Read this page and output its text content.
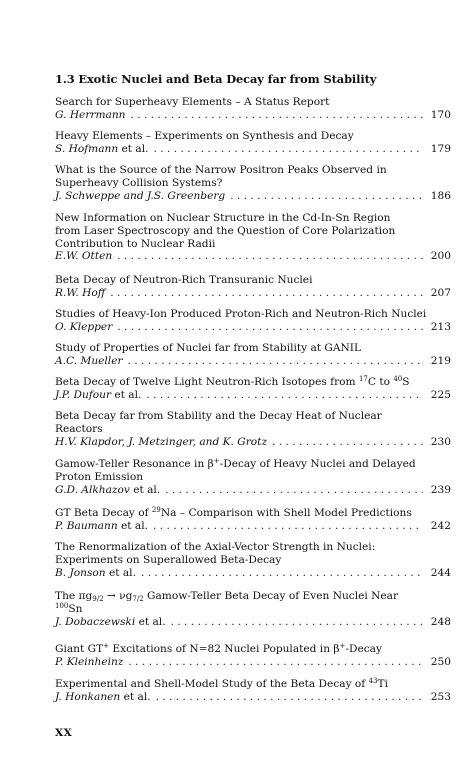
1.3 Exotic Nuclei and Beta Decay far from Stability
Search for Superheavy Elements – A Status Report
G. Herrmann . . .	170
Heavy Elements – Experiments on Synthesis and Decay
S. Hofmann et al. . . .	179
What is the Source of the Narrow Positron Peaks Observed in
Superheavy Collision Systems?
J. Schweppe and J.S. Greenberg . . .	186
New Information on Nuclear Structure in the Cd-In-Sn Region
from Laser Spectroscopy and the Question of Core Polarization
Contribution to Nuclear Radii
E.W. Otten . . .	200
Beta Decay of Neutron-Rich Transuranic Nuclei
R.W. Hoff . . .	207
Studies of Heavy-Ion Produced Proton-Rich and Neutron-Rich Nuclei
O. Klepper . . .	213
Study of Properties of Nuclei far from Stability at GANIL
A.C. Mueller . . .	219
Beta Decay of Twelve Light Neutron-Rich Isotopes from $^{17}$C to $^{40}$S
J.P. Dufour et al. . . .	225
Beta Decay far from Stability and the Decay Heat of Nuclear
Reactors
H.V. Klapdor, J. Metzinger, and K. Grotz . . .	230
Gamow-Teller Resonance in β+-Decay of Heavy Nuclei and Delayed
Proton Emission
G.D. Alkhazov et al. . . .	239
GT Beta Decay of $^{29}$Na – Comparison with Shell Model Predictions
P. Baumann et al. . . .	242
The Renormalization of the Axial-Vector Strength in Nuclei:
Experiments on Superallowed Beta-Decay
B. Jonson et al. . . .	244
The $\pi g_{9/2} \to \nu g_{7/2}$ Gamow-Teller Beta Decay of Even Nuclei Near
$^{100}$Sn
J. Dobaczewski et al. . . .	248
Giant GT+ Excitations of N=82 Nuclei Populated in β+-Decay
P. Kleinheinz . . .	250
Experimental and Shell-Model Study of the Beta Decay of $^{43}$Ti
J. Honkanen et al. . . .	253
XX
